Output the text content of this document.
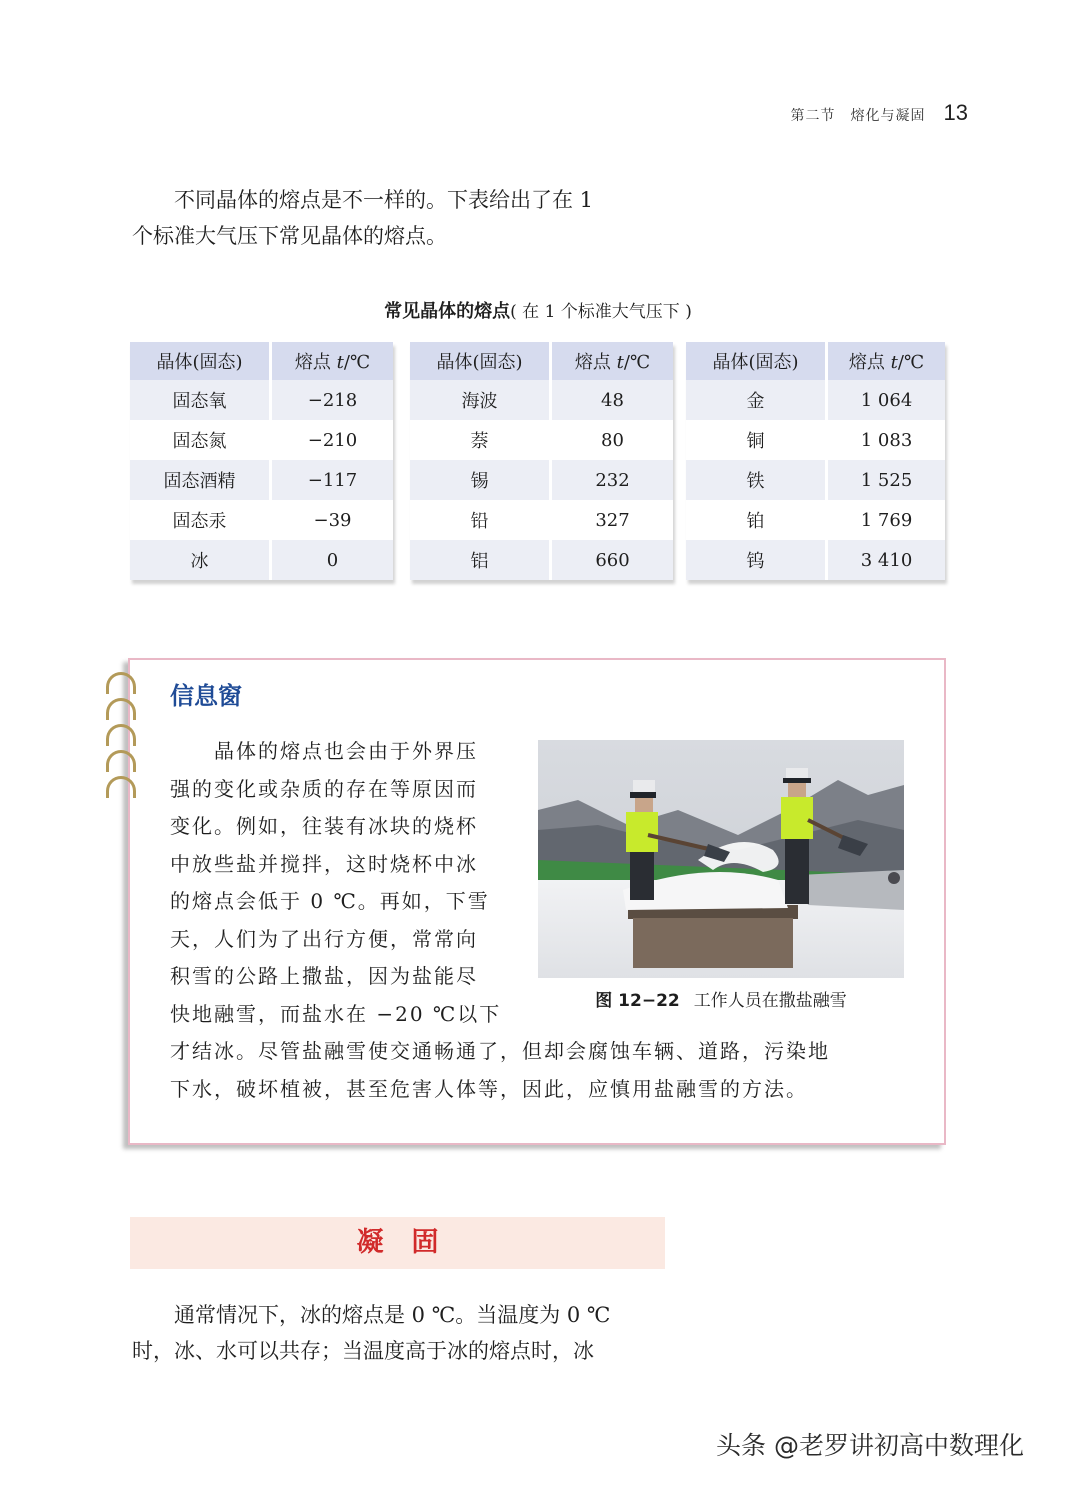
第二节　熔化与凝固 13

不同晶体的熔点是不一样的。下表给出了在 1
个标准大气压下常见晶体的熔点。

常见晶体的熔点( 在 1 个标准大气压下 )
晶体(固态)	熔点 t/℃
固态氧	−218
固态氮	−210
固态酒精	−117
固态汞	−39
冰	0
晶体(固态)	熔点 t/℃
海波	48
萘	80
锡	232
铅	327
铝	660
晶体(固态)	熔点 t/℃
金	1 064
铜	1 083
铁	1 525
铂	1 769
钨	3 410
信息窗

晶体的熔点也会由于外界压
强的变化或杂质的存在等原因而
变化。例如，往装有冰块的烧杯
中放些盐并搅拌，这时烧杯中冰
的熔点会低于 0 ℃。再如，下雪
天，人们为了出行方便，常常向
积雪的公路上撒盐，因为盐能尽
快地融雪，而盐水在 −20 ℃以下

才结冰。尽管盐融雪使交通畅通了，但却会腐蚀车辆、道路，污染地
下水，破坏植被，甚至危害人体等，因此，应慎用盐融雪的方法。

图 12−22 工作人员在撒盐融雪
凝固

通常情况下，冰的熔点是 0 ℃。当温度为 0 ℃
时，冰、水可以共存；当温度高于冰的熔点时，冰

头条 @老罗讲初高中数理化
